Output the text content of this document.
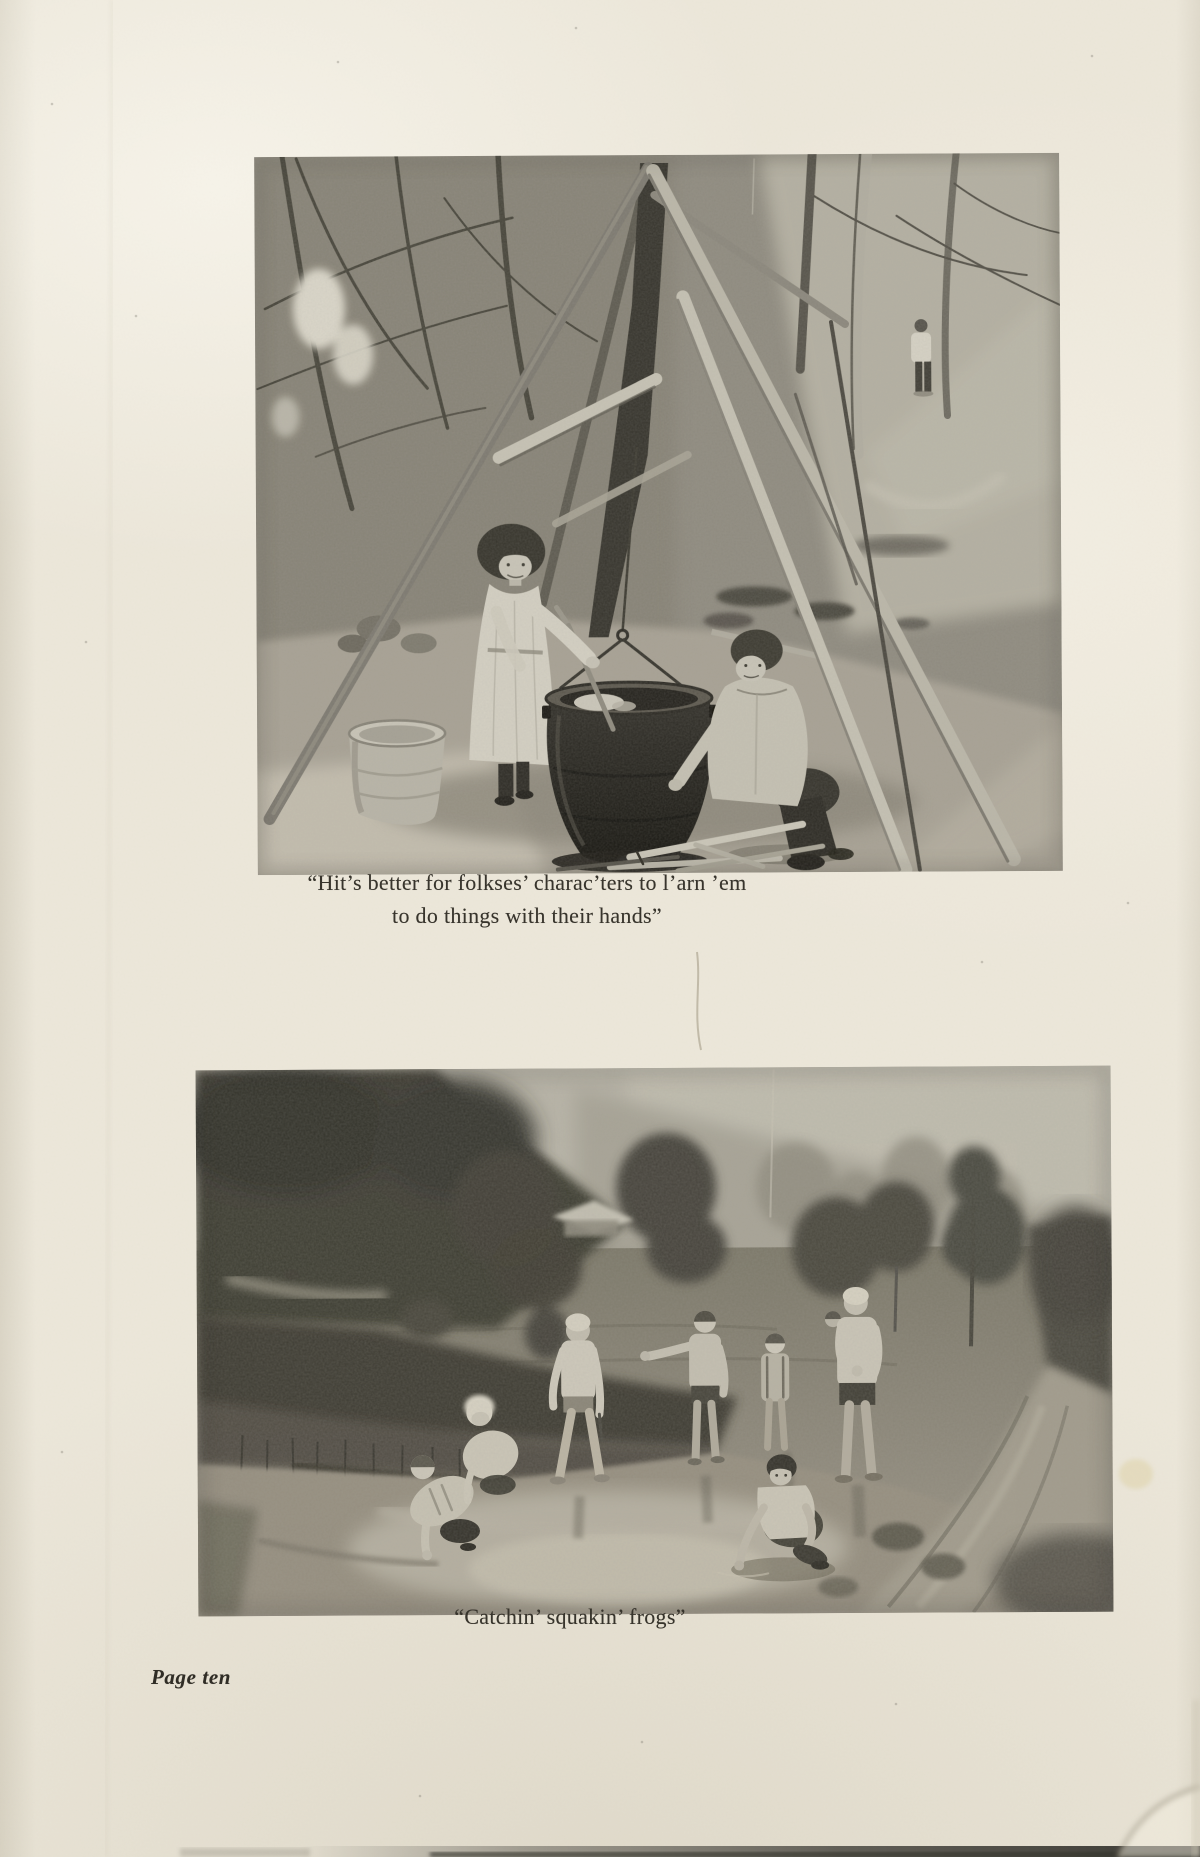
“Hit’s better for folkses’ charac’ters to l’arn ’em
to do things with their hands”
“Catchin’ squakin’ frogs”
Page ten
